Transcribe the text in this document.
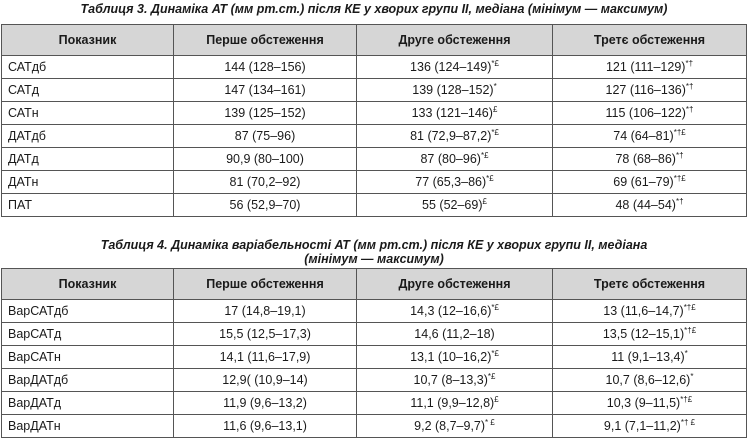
Таблиця 3. Динаміка АТ (мм рт.ст.) після КЕ у хворих групи ІІ, медіана (мінімум — максимум)
Показник	Перше обстеження	Друге обстеження	Третє обстеження
САТдб	144 (128–156)	136 (124–149)*£	121 (111–129)*†
САТд	147 (134–161)	139 (128–152)*	127 (116–136)*†
САТн	139 (125–152)	133 (121–146)£	115 (106–122)*†
ДАТдб	87 (75–96)	81 (72,9–87,2)*£	74 (64–81)*†£
ДАТд	90,9 (80–100)	87 (80–96)*£	78 (68–86)*†
ДАТн	81 (70,2–92)	77 (65,3–86)*£	69 (61–79)*†£
ПАТ	56 (52,9–70)	55 (52–69)£	48 (44–54)*†
Таблиця 4. Динаміка варіабельності АТ (мм рт.ст.) після КЕ у хворих групи ІІ, медіана
(мінімум — максимум)
Показник	Перше обстеження	Друге обстеження	Третє обстеження
ВарСАТдб	17 (14,8–19,1)	14,3 (12–16,6)*£	13 (11,6–14,7)*†£
ВарСАТд	15,5 (12,5–17,3)	14,6 (11,2–18)	13,5 (12–15,1)*†£
ВарСАТн	14,1 (11,6–17,9)	13,1 (10–16,2)*£	11 (9,1–13,4)*
ВарДАТдб	12,9( (10,9–14)	10,7 (8–13,3)*£	10,7 (8,6–12,6)*
ВарДАТд	11,9 (9,6–13,2)	11,1 (9,9–12,8)£	10,3 (9–11,5)*†£
ВарДАТн	11,6 (9,6–13,1)	9,2 (8,7–9,7)* £	9,1 (7,1–11,2)*† £
